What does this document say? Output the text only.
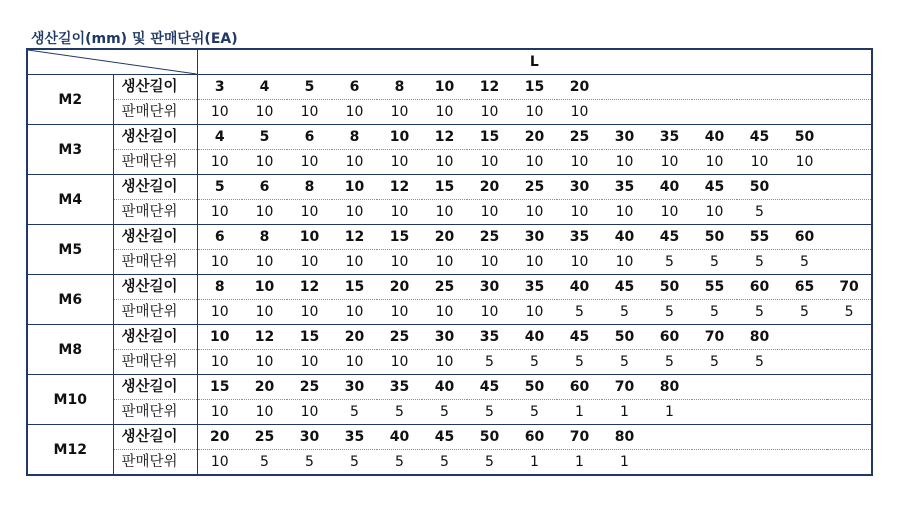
생산길이(mm) 및 판매단위(EA)
	L														
M2	생산길이	3	4	5	6	8	10	12	15	20						
	판매단위	10	10	10	10	10	10	10	10	10						
M3	생산길이	4	5	6	8	10	12	15	20	25	30	35	40	45	50	
	판매단위	10	10	10	10	10	10	10	10	10	10	10	10	10	10	
M4	생산길이	5	6	8	10	12	15	20	25	30	35	40	45	50		
	판매단위	10	10	10	10	10	10	10	10	10	10	10	10	5		
M5	생산길이	6	8	10	12	15	20	25	30	35	40	45	50	55	60	
	판매단위	10	10	10	10	10	10	10	10	10	10	5	5	5	5	
M6	생산길이	8	10	12	15	20	25	30	35	40	45	50	55	60	65	70
	판매단위	10	10	10	10	10	10	10	10	5	5	5	5	5	5	5
M8	생산길이	10	12	15	20	25	30	35	40	45	50	60	70	80		
	판매단위	10	10	10	10	10	10	5	5	5	5	5	5	5		
M10	생산길이	15	20	25	30	35	40	45	50	60	70	80				
	판매단위	10	10	10	5	5	5	5	5	1	1	1				
M12	생산길이	20	25	30	35	40	45	50	60	70	80					
	판매단위	10	5	5	5	5	5	5	1	1	1					
